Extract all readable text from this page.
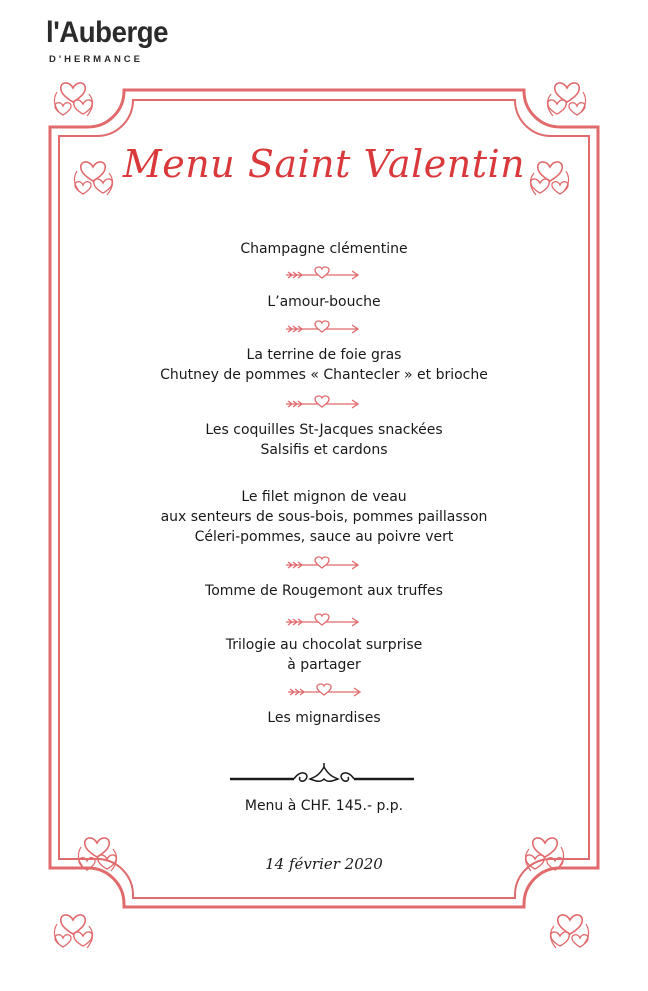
l'Auberge
D'HERMANCE
Menu Saint Valentin
Champagne clémentine
L’amour-bouche
La terrine de foie gras
Chutney de pommes « Chantecler » et brioche
Les coquilles St-Jacques snackées
Salsifis et cardons
Le filet mignon de veau
aux senteurs de sous-bois, pommes paillasson
Céleri-pommes, sauce au poivre vert
Tomme de Rougemont aux truffes
Trilogie au chocolat surprise
à partager
Les mignardises
Menu à CHF. 145.- p.p.
14 février 2020
